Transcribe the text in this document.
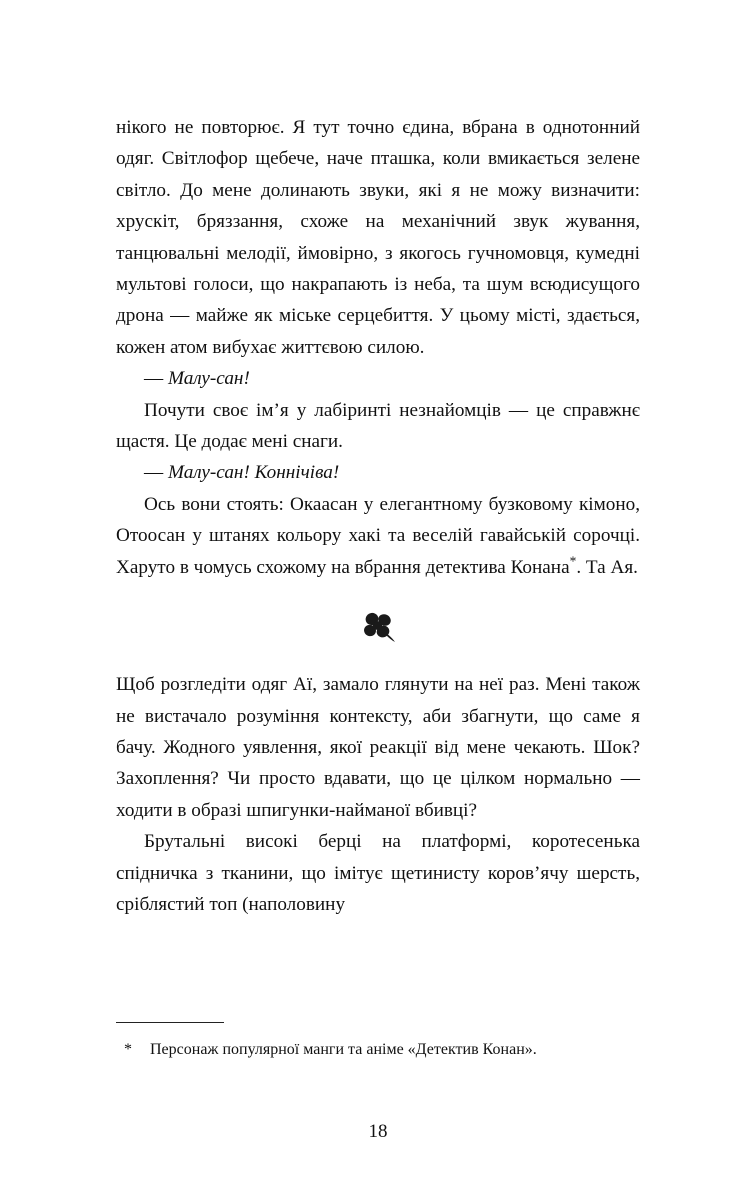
нікого не повторює. Я тут точно єдина, вбрана в однотонний одяг. Світлофор щебече, наче пташка, коли вмикається зелене світло. До мене долинають звуки, які я не можу визначити: хрускіт, бряззання, схоже на механічний звук жування, танцювальні мелодії, ймовірно, з якогось гучномовця, кумедні мультові голоси, що накрапають із неба, та шум всюдисущого дрона — майже як міське серцебиття. У цьому місті, здається, кожен атом вибухає життєвою силою.

— Малу-сан!

Почути своє ім’я у лабіринті незнайомців — це справжнє щастя. Це додає мені снаги.

— Малу-сан! Коннічіва!

Ось вони стоять: Окаасан у елегантному бузковому кімоно, Отоосан у штанях кольору хакі та веселій гавайській сорочці. Харуто в чомусь схожому на вбрання детектива Конана*. Та Ая.

Щоб розгледіти одяг Аї, замало глянути на неї раз. Мені також не вистачало розуміння контексту, аби збагнути, що саме я бачу. Жодного уявлення, якої реакції від мене чекають. Шок? Захоплення? Чи просто вдавати, що це цілком нормально — ходити в образі шпигунки-найманої вбивці?

Брутальні високі берці на платформі, коротесенька спідничка з тканини, що імітує щетинисту коров’ячу шерсть, сріблястий топ (наполовину

*	Персонаж популярної манги та аніме «Детектив Конан».
18
